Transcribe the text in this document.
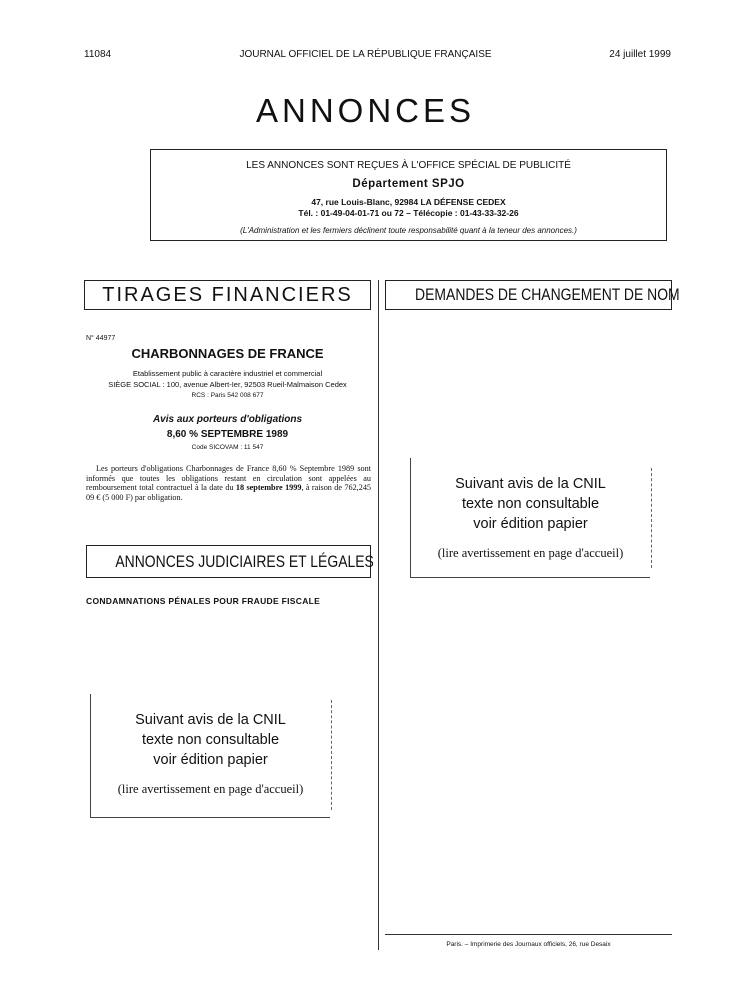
11084	JOURNAL OFFICIEL DE LA RÉPUBLIQUE FRANÇAISE	24 juillet 1999
ANNONCES
LES ANNONCES SONT REÇUES À L'OFFICE SPÉCIAL DE PUBLICITÉ
Département SPJO
47, rue Louis-Blanc, 92984 LA DÉFENSE CEDEX
Tél. : 01-49-04-01-71 ou 72 – Télécopie : 01-43-33-32-26
(L'Administration et les fermiers déclinent toute responsabilité quant à la teneur des annonces.)
TIRAGES FINANCIERS	DEMANDES DE CHANGEMENT DE NOM
N° 44977
CHARBONNAGES DE FRANCE
Etablissement public à caractère industriel et commercial
SIÈGE SOCIAL : 100, avenue Albert-Ier, 92503 Rueil-Malmaison Cedex
RCS : Paris 542 008 677
Avis aux porteurs d'obligations
8,60 % SEPTEMBRE 1989
Code SICOVAM : 11 547
Les porteurs d'obligations Charbonnages de France 8,60 % Septembre 1989 sont informés que toutes les obligations restant en circulation sont appelées au remboursement total contractuel à la date du 18 septembre 1999, à raison de 762,245 09 € (5 000 F) par obligation.
ANNONCES JUDICIAIRES ET LÉGALES
CONDAMNATIONS PÉNALES POUR FRAUDE FISCALE
Suivant avis de la CNIL
texte non consultable
voir édition papier
(lire avertissement en page d'accueil)
Suivant avis de la CNIL
texte non consultable
voir édition papier
(lire avertissement en page d'accueil)
Paris. – Imprimerie des Journaux officiels, 26, rue Desaix
